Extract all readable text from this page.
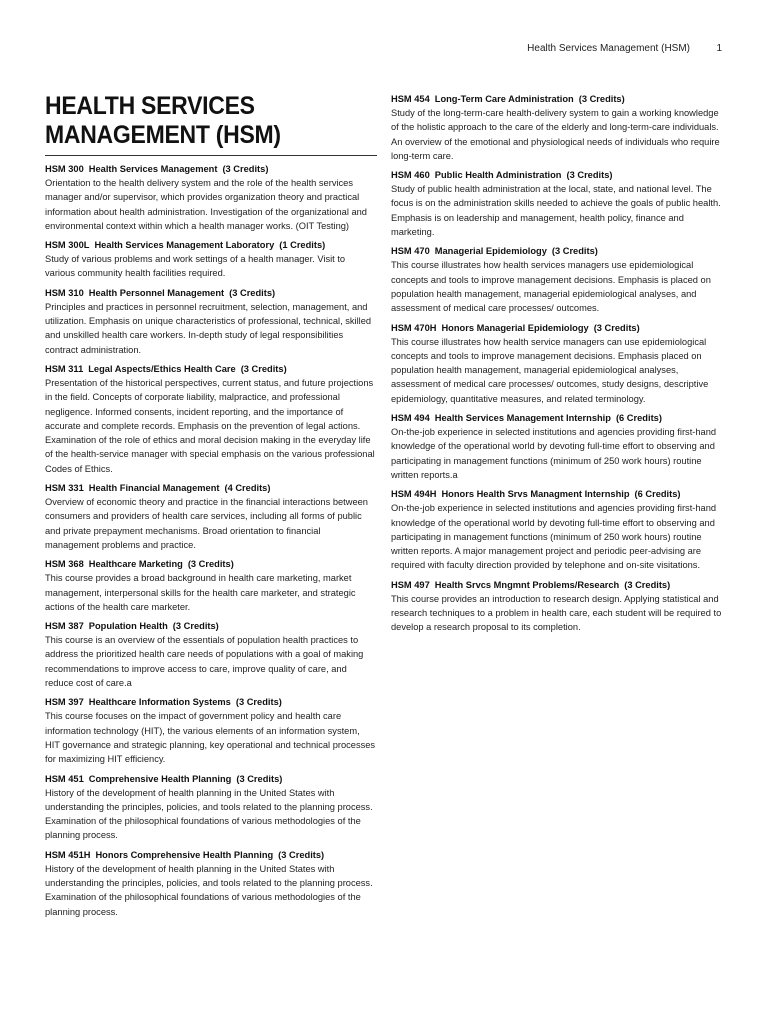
Health Services Management (HSM)	1
HEALTH SERVICES
MANAGEMENT (HSM)
HSM 300 Health Services Management (3 Credits)

Orientation to the health delivery system and the role of the health services manager and/or supervisor, which provides organization theory and practical information about health administration. Investigation of the organizational and environmental context within which a health manager works. (OIT Testing)

HSM 300L Health Services Management Laboratory (1 Credits)

Study of various problems and work settings of a health manager. Visit to various community health facilities required.

HSM 310 Health Personnel Management (3 Credits)

Principles and practices in personnel recruitment, selection, management, and utilization. Emphasis on unique characteristics of professional, technical, skilled and unskilled health care workers. In-depth study of legal responsibilities contract administration.

HSM 311 Legal Aspects/Ethics Health Care (3 Credits)

Presentation of the historical perspectives, current status, and future projections in the field. Concepts of corporate liability, malpractice, and professional negligence. Informed consents, incident reporting, and the importance of accurate and complete records. Emphasis on the prevention of legal actions. Examination of the role of ethics and moral decision making in the everyday life of the health-service manager with special emphasis on the various professional Codes of Ethics.

HSM 331 Health Financial Management (4 Credits)

Overview of economic theory and practice in the financial interactions between consumers and providers of health care services, including all forms of public and private prepayment mechanisms. Broad orientation to financial management problems and practice.

HSM 368 Healthcare Marketing (3 Credits)

This course provides a broad background in health care marketing, market management, interpersonal skills for the health care marketer, and strategic actions of the health care marketer.

HSM 387 Population Health (3 Credits)

This course is an overview of the essentials of population health practices to address the prioritized health care needs of populations with a goal of making recommendations to improve access to care, improve quality of care, and reduce cost of care.a

HSM 397 Healthcare Information Systems (3 Credits)

This course focuses on the impact of government policy and health care information technology (HIT), the various elements of an information system, HIT governance and strategic planning, key operational and technical processes for maximizing HIT efficiency.

HSM 451 Comprehensive Health Planning (3 Credits)

History of the development of health planning in the United States with understanding the principles, policies, and tools related to the planning process. Examination of the philosophical foundations of various methodologies of the planning process.

HSM 451H Honors Comprehensive Health Planning (3 Credits)

History of the development of health planning in the United States with understanding the principles, policies, and tools related to the planning process. Examination of the philosophical foundations of various methodologies of the planning process.

HSM 454 Long-Term Care Administration (3 Credits)

Study of the long-term-care health-delivery system to gain a working knowledge of the holistic approach to the care of the elderly and long-term-care individuals. An overview of the emotional and physiological needs of individuals who require long-term care.

HSM 460 Public Health Administration (3 Credits)

Study of public health administration at the local, state, and national level. The focus is on the administration skills needed to achieve the goals of public health. Emphasis is on leadership and management, health policy, finance and marketing.

HSM 470 Managerial Epidemiology (3 Credits)

This course illustrates how health services managers use epidemiological concepts and tools to improve management decisions. Emphasis is placed on population health management, managerial epidemiological analyses, and assessment of medical care processes/ outcomes.

HSM 470H Honors Managerial Epidemiology (3 Credits)

This course illustrates how health service managers can use epidemiological concepts and tools to improve management decisions. Emphasis placed on population health management, managerial epidemiological analyses, assessment of medical care processes/ outcomes, study designs, descriptive epidemiology, quantitative measures, and related terminology.

HSM 494 Health Services Management Internship (6 Credits)

On-the-job experience in selected institutions and agencies providing first-hand knowledge of the operational world by devoting full-time effort to observing and participating in management functions (minimum of 250 work hours) routine written reports.a

HSM 494H Honors Health Srvs Managment Internship (6 Credits)

On-the-job experience in selected institutions and agencies providing first-hand knowledge of the operational world by devoting full-time effort to observing and participating in management functions (minimum of 250 work hours) routine written reports. A major management project and periodic peer-advising are required with faculty direction provided by telephone and on-site visitations.

HSM 497 Health Srvcs Mngmnt Problems/Research (3 Credits)

This course provides an introduction to research design. Applying statistical and research techniques to a problem in health care, each student will be required to develop a research proposal to its completion.
